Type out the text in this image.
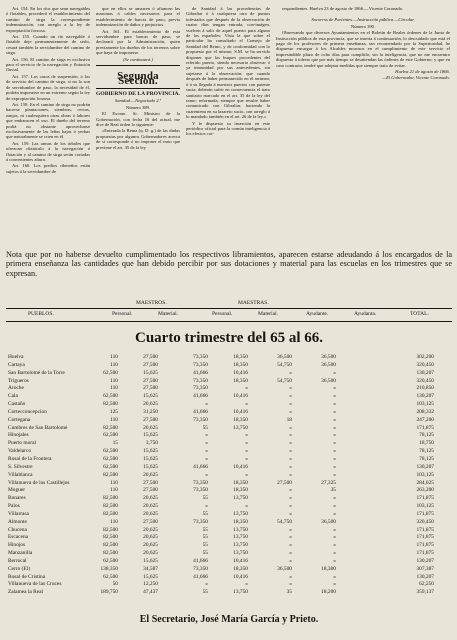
Art. 154. En los ríos que sean navegables ó flotables, procederá el establecimiento del camino de sirga la correspondiente indemnización, con arreglo a la ley de expropiación forzosa.

Art. 155. Cuando un río navegable ó flotable deje permanentemente de serlo, cesará también la servidumbre del camino de sirga.

Art. 156. El camino de sirga es exclusivo para el servicio de la navegación y flotación fluvial.

Art. 157. Los casos de suspensión, ó los de servicio del camino de sirga, si no lo son de servidumbre de paso, la necesidad de él, podrán imponerse en un extremo según la ley de expropiación forzosa.

Art. 158. En el camino de sirga no podrán hacerse plantaciones, siembras, cercas, zanjas, ni cualesquiera otras obras ó labores que embaracen el uso. El dueño del terreno podrá no obstante aprovecharse exclusivamente de las leñas bajas ó yerbas que naturalmente se crien en él.

Art. 159. Las ramas de los árboles que ofrezcan obstáculo á la navegación ó flotación y al camino de sirga serán cortadas á convenientes altura.

Art. 160. Los predios ribereños están sujetos á la servidumbre de

que en ellos se amarren ó afiancen las maromas ó cables necesarios para el establecimiento de barcas de paso, previa indemnización de daños y perjuicios.

Art. 161. El establecimiento de esta servidumbre para barcas de paso, se declarará por la Administración, quien previamente los dueños de los terrenos sobre que haya de imponerse.

(Se continuará.)

Segunda Seccion.
GOBIERNO DE LA PROVINCIA.

Sanidad.—Negociado 2.º

Número 389.

El Excmo. Sr. Ministro de la Gobernación, con fecha 16 del actual, me dice de Real órden lo siguiente:

«Enterada la Reina (q. D. g.) de las dudas propuestas por algunos Gobernadores acerca de si corresponde ó no imponer el trato que previene el art. 35 de la ley

de Sanidad á las procedencias de Gibraltar ó á cualquiera otra de puntos infestados que después de la observación de cuatro días tengan entrada, con-imágen, vuelven á salir de aquel puerto para alguno de los españoles: Vista la que sobre el particular ha consultado el Consejo de Sanidad del Reino, y de conformidad con lo propuesto por el mismo; S.M. se ha servido disponer que los buques procedentes del referido puerto, siendo necesario observar ó ya inmunidad por sus antecedentes, sin sujetarse á la observación; que cuando después de haber permanecido en él arrimen, ó á su llegada á nuestros puertos con patente sucia, deberán sufrir en consecuencia el trato sanitario marcado en el art. 35 de la ley del ramo; reformada, siempre que resulte haber comunicado con Gibraltar, haciendo la cuarentena en su lazareto sucio, con arreglo á lo mandado también en el art. 26 de la ley.»

Y le dispuesto su inserción en este periódico oficial para la común inteligencia á los efectos cor-

respondientes. Huelva 23 de agosto de 1866.—Vicente Coronado.

Socorros de Parientes.—Instrucción pública.—Circular.

Número 390.

Observando que diversos Ayuntamientos en el Boletín de Reales órdenes de la Junta de Instrucción pública de esta provincia, que se inserta á continuación, lo descuidado que está el pago de los profesores de primera enseñanza, tan recomendado por la Superioridad, he dispuesto encargar á los Alcaldes morosos en el cumplimiento de este servicio el impresindible plazo de ocho días para cumplirlo; sin la inteligencia, que no me encuentro dispuesto á tolerar que por más tiempo se desatiendan las órdenes de este Gobierno; y que en caso contrario, tendré que adoptar medidas que siempre trato de evitar.

Huelva 21 de agosto de 1866.

—El Gobernador, Vicente Coronado.

Nota que por no haberse devuelto cumplimentado los respectivos libramientos, aparecen estarse adeudando á los encargados de la primera enseñanza las cantidades que han debido percibir por sus dotaciones y material para las escuelas en los trimestres que se expresan.
MAESTROS.	MAESTRAS.
PUEBLOS.	Personal.	Material.	Personal.	Material.	Ayudante.	Ayudanta.	TOTAL.
Cuarto trimestre del 65 al 66.
Huelva	110	27,500	73,350	18,350	36,500	36,500	302,200
Cartaya	110	27,500	73,350	18,350	54,750	36,500	320,450
San Bartolomé de la Torre	62,500	15,625	41,666	10,416	»	»	130,207
Trigueros	110	27,500	73,350	18,350	54,750	36,500	320,450
Aroche	110	27,500	73,350	»	»	»	210,850
Cala	62,500	15,625	41,666	10,416	»	»	130,207
Castaño	82,500	20,625	»	»	»	»	103,125
Cortecconcepcion	125	31,250	41,666	10,416	»	»	208,332
Cortegana	110	27,500	73,350	18,350	18	»	247,200
Cumbres de San Bartolomé	82,500	20,625	55	13,750	»	»	171,875
Hinojales	62,500	15,625	»	»	»	»	78,125
Puerto moral	15	3,750	»	»	»	»	18,750
Valdelarco	62,500	15,625	»	»	»	»	78,125
Rosal de la Frontera	62,500	15,625	»	»	»	»	78,125
S. Silvestre	62,500	15,625	41,666	10,416	»	»	130,207
Villablanca	82,500	20,625	»	»	»	»	103,125
Villanueva de los Castillejos	110	27,500	73,350	18,350	27,500	27,325	284,025
Moguer	110	27,500	73,350	18,350	»	35	263,200
Bonares	82,500	20,625	55	13,750	»	»	171,875
Palos	82,500	20,625	»	»	»	»	103,125
Villarrasa	82,500	20,625	55	13,750	»	»	171,875
Almonte	110	27,500	73,350	18,350	54,750	36,500	320,450
Chucena	82,500	20,625	55	13,750	»	»	171,875
Escacena	82,500	20,625	55	13,750	»	»	171,875
Hinojos	82,500	20,625	55	13,750	»	»	171,875
Manzanilla	82,500	20,625	55	13,750	»	»	171,875
Berrocal	62,500	15,625	41,666	10,416	»	»	130,207
Cerro (El)	138,350	34,587	73,350	18,350	36,500	18,300	307,387
Rosal de Cristina	62,500	15,625	41,666	10,416	»	»	130,207
Villanueva de las Cruces	50	12,250	»	»	»	»	62,250
Zalamea la Real	189,750	47,437	55	13,750	35	18,200	359,137
El Secretario, José María García y Prieto.
